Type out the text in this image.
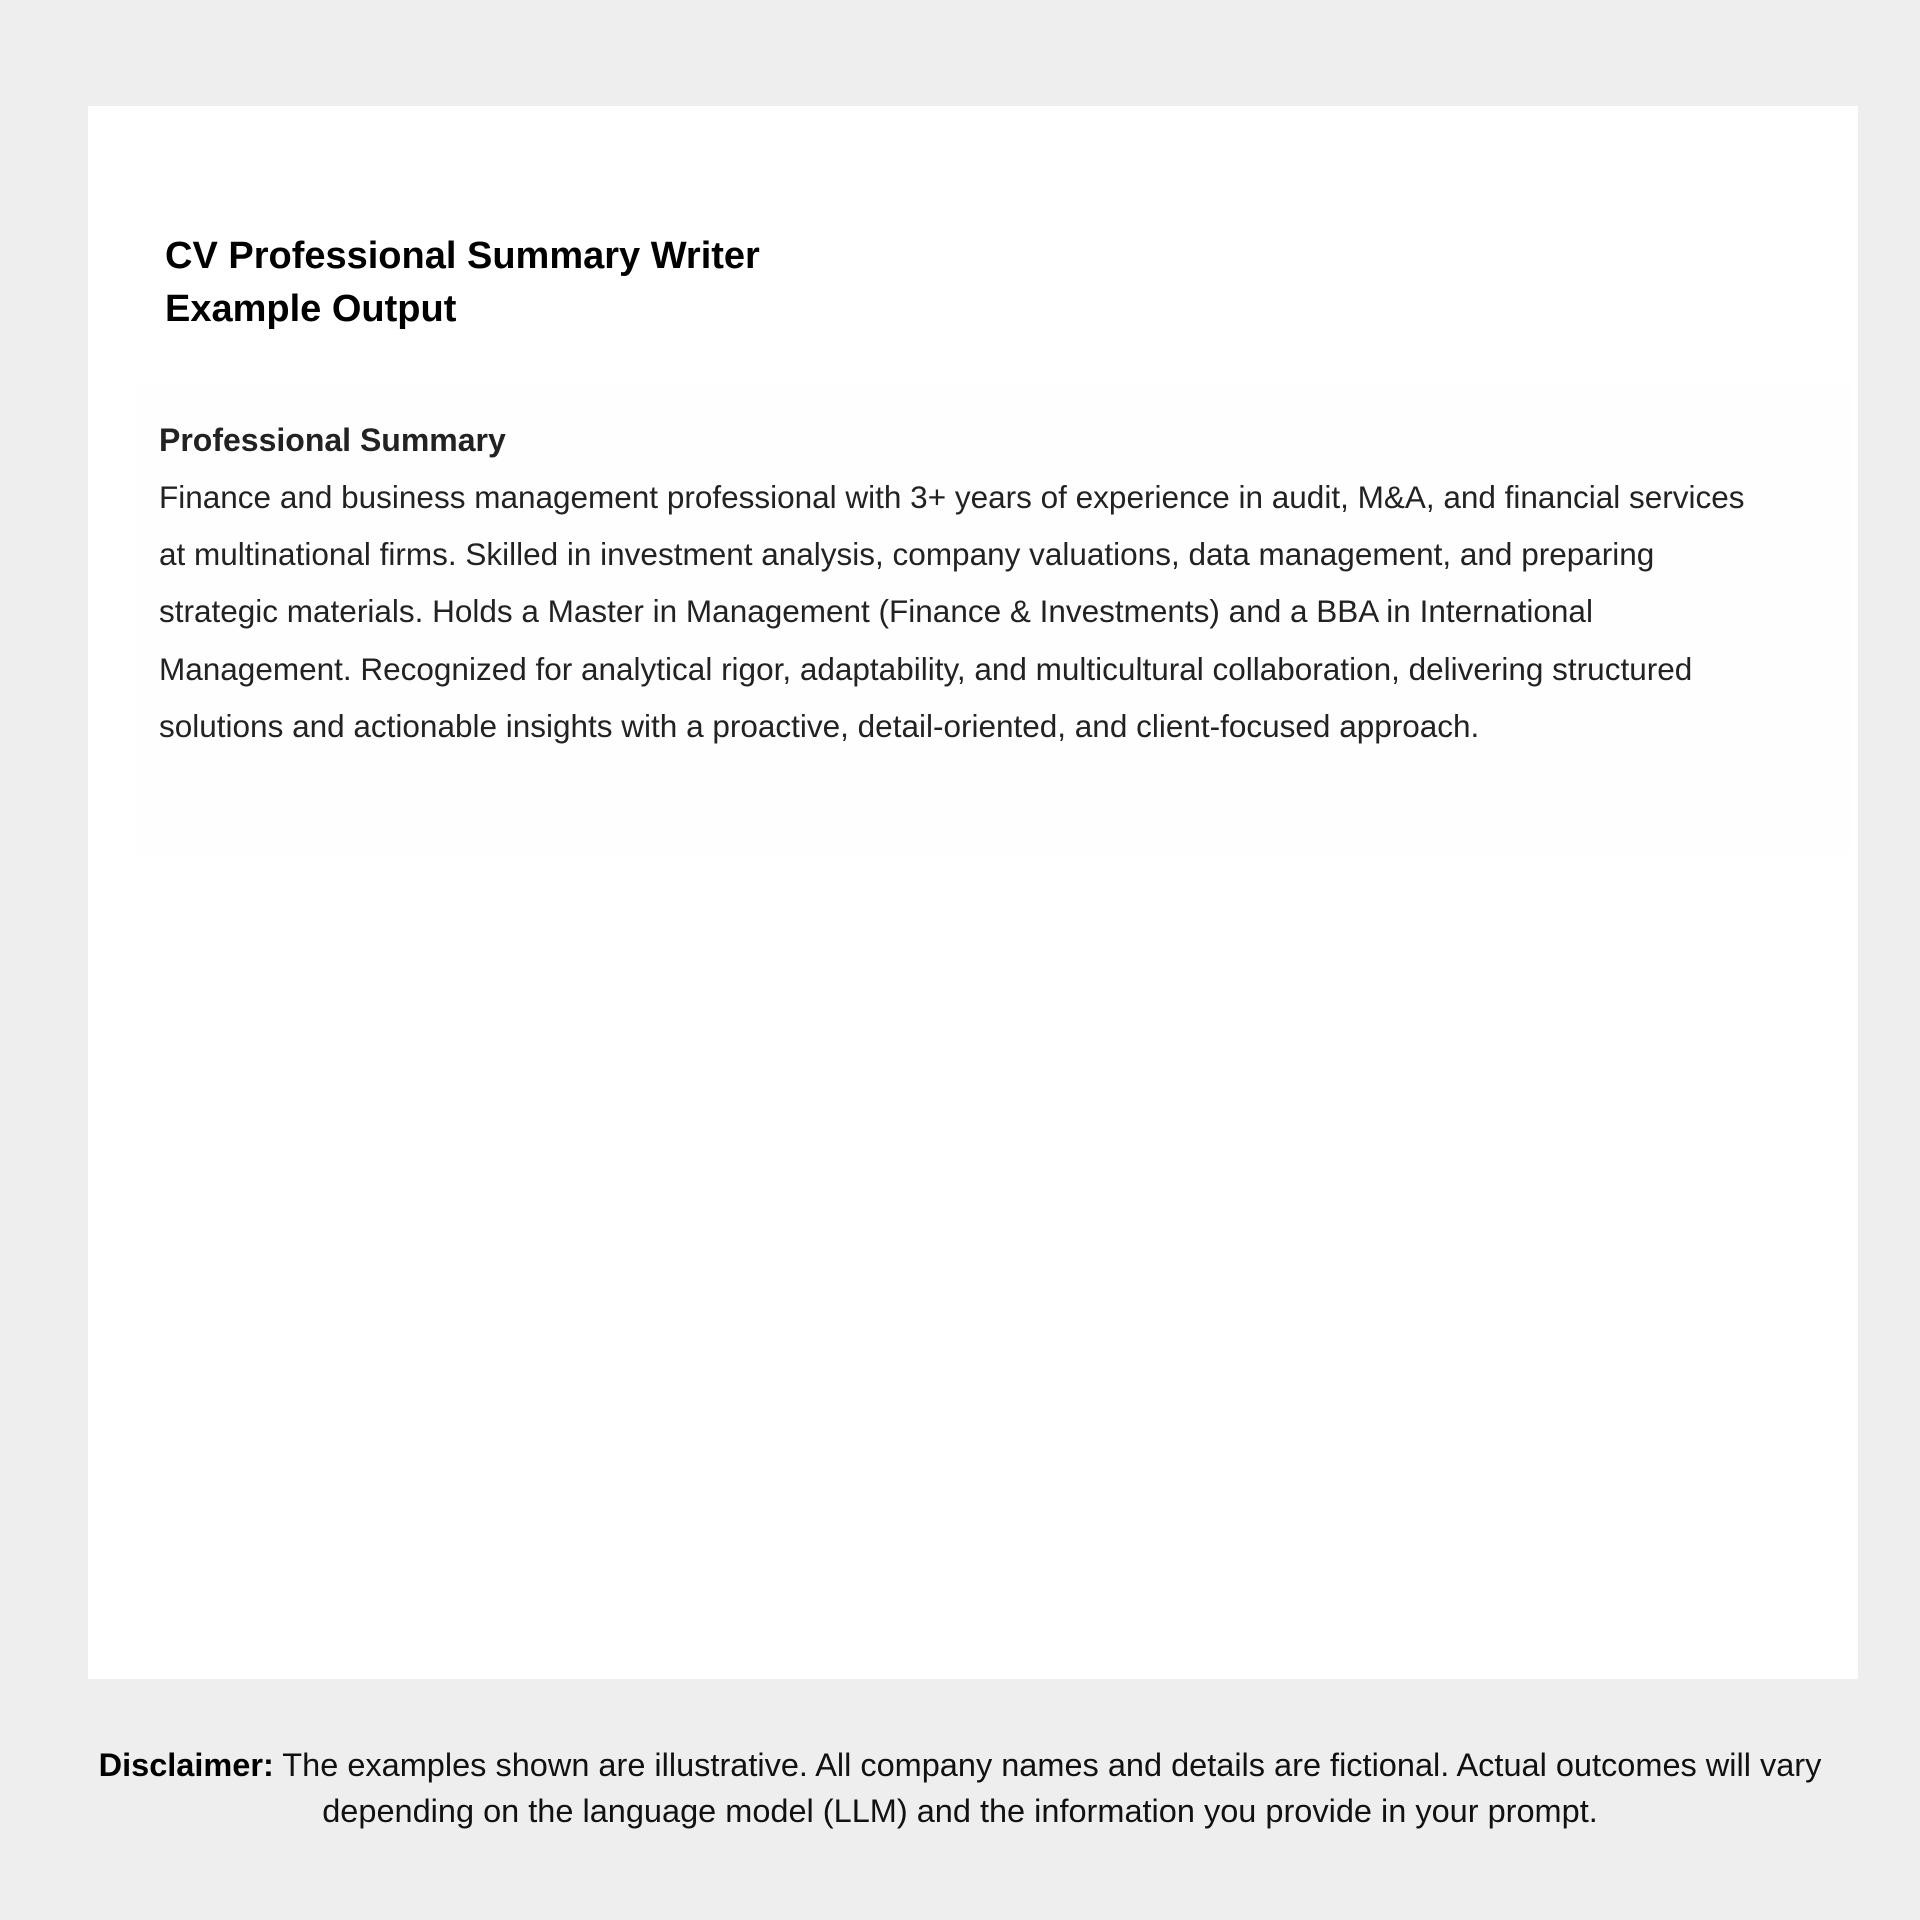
CV Professional Summary Writer
Example Output
Professional Summary

Finance and business management professional with 3+ years of experience in audit, M&A, and financial services at multinational firms. Skilled in investment analysis, company valuations, data management, and preparing strategic materials. Holds a Master in Management (Finance & Investments) and a BBA in International Management. Recognized for analytical rigor, adaptability, and multicultural collaboration, delivering structured solutions and actionable insights with a proactive, detail-oriented, and client-focused approach.

Disclaimer: The examples shown are illustrative. All company names and details are fictional. Actual outcomes will vary depending on the language model (LLM) and the information you provide in your prompt.
